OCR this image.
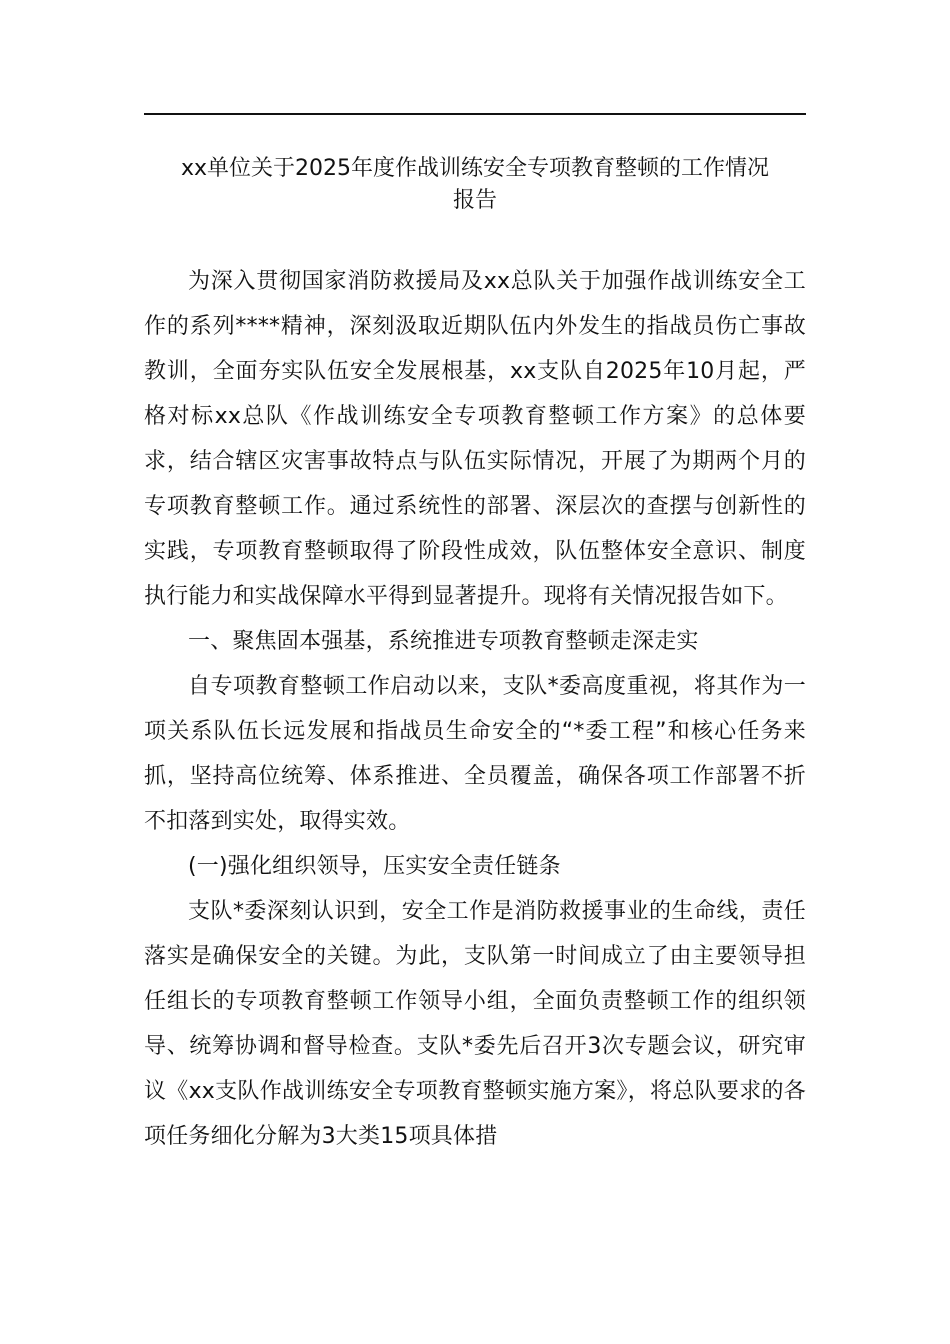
xx单位关于2025年度作战训练安全专项教育整顿的工作情况
报告

为深入贯彻国家消防救援局及xx总队关于加强作战训练安全工作的系列****精神，深刻汲取近期队伍内外发生的指战员伤亡事故教训，全面夯实队伍安全发展根基，xx支队自2025年10月起，严格对标xx总队《作战训练安全专项教育整顿工作方案》的总体要求，结合辖区灾害事故特点与队伍实际情况，开展了为期两个月的专项教育整顿工作。通过系统性的部署、深层次的查摆与创新性的实践，专项教育整顿取得了阶段性成效，队伍整体安全意识、制度执行能力和实战保障水平得到显著提升。现将有关情况报告如下。

一、聚焦固本强基，系统推进专项教育整顿走深走实

自专项教育整顿工作启动以来，支队*委高度重视，将其作为一项关系队伍长远发展和指战员生命安全的“*委工程”和核心任务来抓，坚持高位统筹、体系推进、全员覆盖，确保各项工作部署不折不扣落到实处，取得实效。

(一)强化组织领导，压实安全责任链条

支队*委深刻认识到，安全工作是消防救援事业的生命线，责任落实是确保安全的关键。为此，支队第一时间成立了由主要领导担任组长的专项教育整顿工作领导小组，全面负责整顿工作的组织领导、统筹协调和督导检查。支队*委先后召开3次专题会议，研究审议《xx支队作战训练安全专项教育整顿实施方案》，将总队要求的各项任务细化分解为3大类15项具体措
